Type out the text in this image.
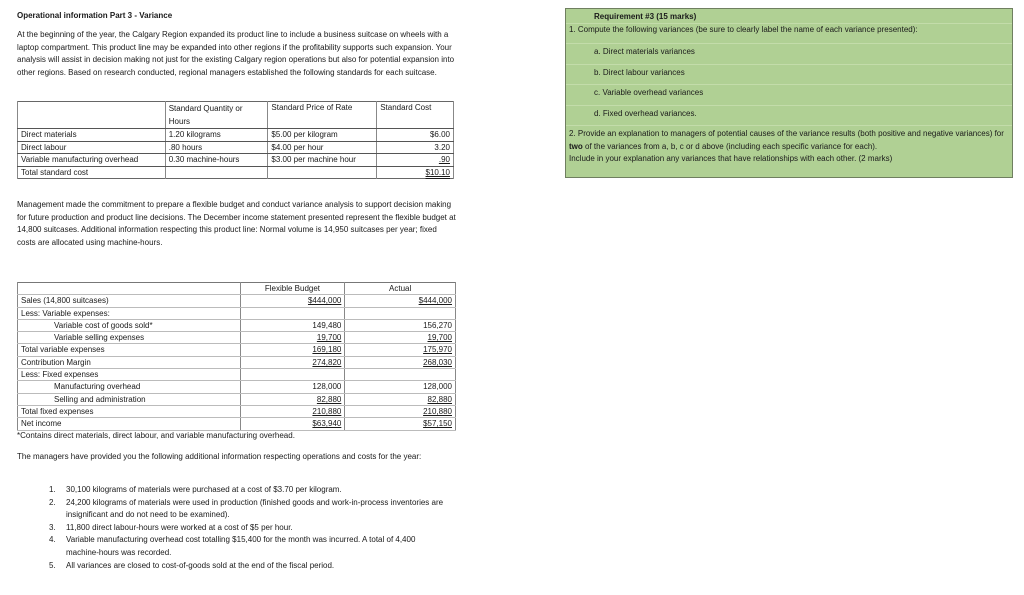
Operational information Part 3 - Variance
At the beginning of the year, the Calgary Region expanded its product line to include a business suitcase on wheels with a laptop compartment. This product line may be expanded into other regions if the profitability supports such expansion. Your analysis will assist in decision making not just for the existing Calgary region operations but also for potential expansion into other regions. Based on research conducted, regional managers established the following standards for each suitcase.
	Standard Quantity or Hours	Standard Price of Rate	Standard Cost
Direct materials	1.20 kilograms	$5.00 per kilogram	$6.00
Direct labour	.80 hours	$4.00 per hour	3.20
Variable manufacturing overhead	0.30 machine-hours	$3.00 per machine hour	.90
Total standard cost			$10.10
Management made the commitment to prepare a flexible budget and conduct variance analysis to support decision making for future production and product line decisions. The December income statement presented represent the flexible budget at 14,800 suitcases. Additional information respecting this product line: Normal volume is 14,950 suitcases per year; fixed costs are allocated using machine-hours.
	Flexible Budget	Actual
Sales (14,800 suitcases)	$444,000	$444,000
Less: Variable expenses:		
Variable cost of goods sold*	149,480	156,270
Variable selling expenses	19,700	19,700
Total variable expenses	169,180	175,970
Contribution Margin	274,820	268,030
Less: Fixed expenses		
Manufacturing overhead	128,000	128,000
Selling and administration	82,880	82,880
Total fixed expenses	210,880	210,880
Net income	$63,940	$57,150
*Contains direct materials, direct labour, and variable manufacturing overhead.
The managers have provided you the following additional information respecting operations and costs for the year:
1.	30,100 kilograms of materials were purchased at a cost of $3.70 per kilogram.
2.	24,200 kilograms of materials were used in production (finished goods and work-in-process inventories are insignificant and do not need to be examined).
3.	11,800 direct labour-hours were worked at a cost of $5 per hour.
4.	Variable manufacturing overhead cost totalling $15,400 for the month was incurred. A total of 4,400 machine-hours was recorded.
5.	All variances are closed to cost-of-goods sold at the end of the fiscal period.
Requirement #3 (15 marks)
1. Compute the following variances (be sure to clearly label the name of each variance presented):
a. Direct materials variances
b. Direct labour variances
c. Variable overhead variances
d. Fixed overhead variances.
2. Provide an explanation to managers of potential causes of the variance results (both positive and negative variances) for two of the variances from a, b, c or d above (including each specific variance for each).
Include in your explanation any variances that have relationships with each other. (2 marks)
